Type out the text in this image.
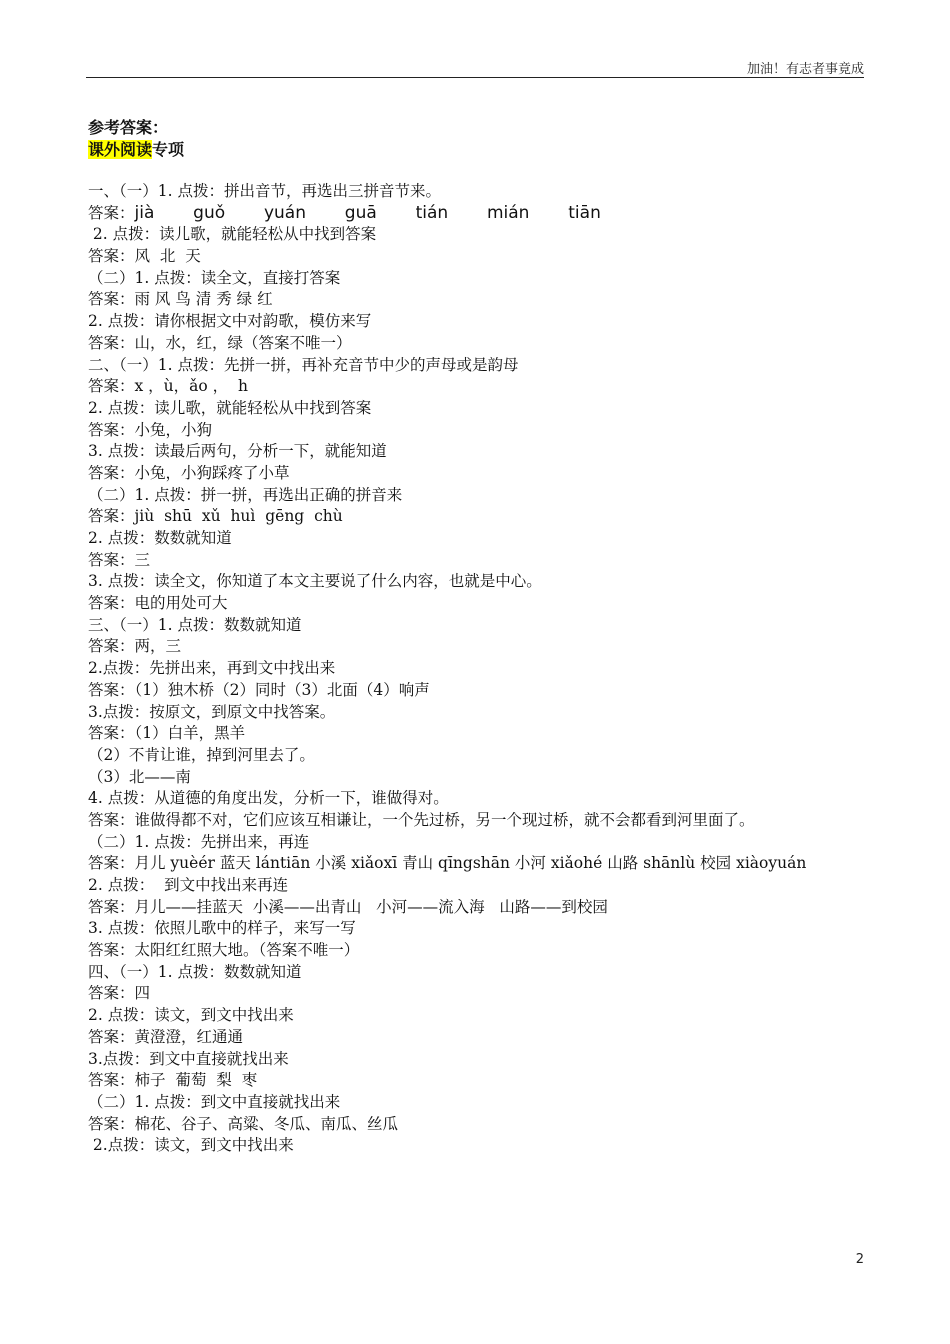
加油！有志者事竟成
参考答案：
课外阅读专项
一、（一）1. 点拨：拼出音节，再选出三拼音节来。
答案：jià  guǒ  yuán  guā  tián  mián  tiān
2. 点拨：读儿歌，就能轻松从中找到答案
答案：风  北  天
（二）1. 点拨：读全文，直接打答案
答案：雨 风 鸟 清 秀 绿 红
2. 点拨：请你根据文中对韵歌，模仿来写
答案：山，水，红，绿（答案不唯一）
二、（一）1. 点拨：先拼一拼，再补充音节中少的声母或是韵母
答案：x ，ù，ǎo ，  h
2. 点拨：读儿歌，就能轻松从中找到答案
答案：小兔，小狗
3. 点拨：读最后两句，分析一下，就能知道
答案：小兔，小狗踩疼了小草
（二）1. 点拨：拼一拼，再选出正确的拼音来
答案：jiù  shū  xǔ  huì  gēng  chù
2. 点拨：数数就知道
答案：三
3. 点拨：读全文，你知道了本文主要说了什么内容，也就是中心。
答案：电的用处可大
三、（一）1. 点拨：数数就知道
答案：两，三
2.点拨：先拼出来，再到文中找出来
答案：（1）独木桥（2）同时（3）北面（4）响声
3.点拨：按原文，到原文中找答案。
答案：（1）白羊，黑羊
（2）不肯让谁，掉到河里去了。
（3）北——南
4. 点拨：从道德的角度出发，分析一下，谁做得对。
答案：谁做得都不对，它们应该互相谦让，一个先过桥，另一个现过桥，就不会都看到河里面了。
（二）1. 点拨：先拼出来，再连
答案：月儿 yuèér 蓝天 lántiān 小溪 xiǎoxī 青山 qīngshān 小河 xiǎohé 山路 shānlù 校园 xiàoyuán
2. 点拨：  到文中找出来再连
答案：月儿——挂蓝天  小溪——出青山   小河——流入海   山路——到校园
3. 点拨：依照儿歌中的样子，来写一写
答案：太阳红红照大地。（答案不唯一）
四、（一）1. 点拨：数数就知道
答案：四
2. 点拨：读文，到文中找出来
答案：黄澄澄，红通通
3.点拨：到文中直接就找出来
答案：柿子  葡萄  梨  枣
（二）1. 点拨：到文中直接就找出来
答案：棉花、谷子、高粱、冬瓜、南瓜、丝瓜
2.点拨：读文，到文中找出来
2
